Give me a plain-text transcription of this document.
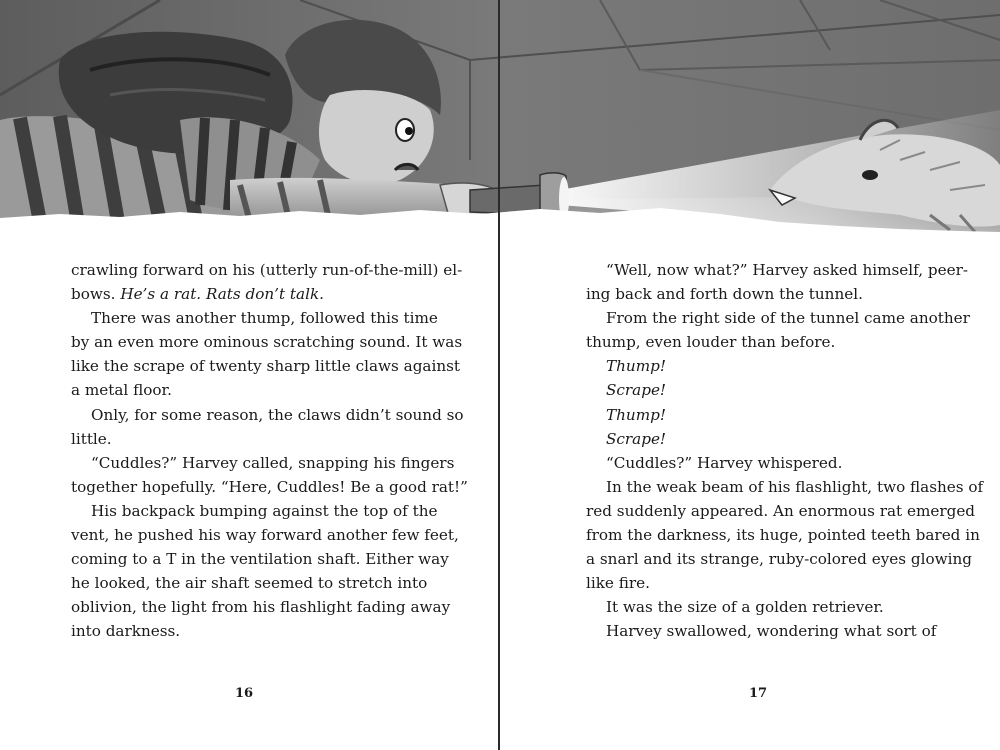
crawling forward on his (utterly run-of-the-mill) el-
bows. He’s a rat. Rats don’t talk.
There was another thump, followed this time
by an even more ominous scratching sound. It was
like the scrape of twenty sharp little claws against
a metal floor.
Only, for some reason, the claws didn’t sound so
little.
“Cuddles?” Harvey called, snapping his fingers
together hopefully. “Here, Cuddles! Be a good rat!”
His backpack bumping against the top of the
vent, he pushed his way forward another few feet,
coming to a T in the ventilation shaft. Either way
he looked, the air shaft seemed to stretch into
oblivion, the light from his flashlight fading away
into darkness.
16
“Well, now what?” Harvey asked himself, peer-
ing back and forth down the tunnel.
From the right side of the tunnel came another
thump, even louder than before.
Thump!
Scrape!
Thump!
Scrape!
“Cuddles?” Harvey whispered.
In the weak beam of his flashlight, two flashes of
red suddenly appeared. An enormous rat emerged
from the darkness, its huge, pointed teeth bared in
a snarl and its strange, ruby-colored eyes glowing
like fire.
It was the size of a golden retriever.
Harvey swallowed, wondering what sort of
17
